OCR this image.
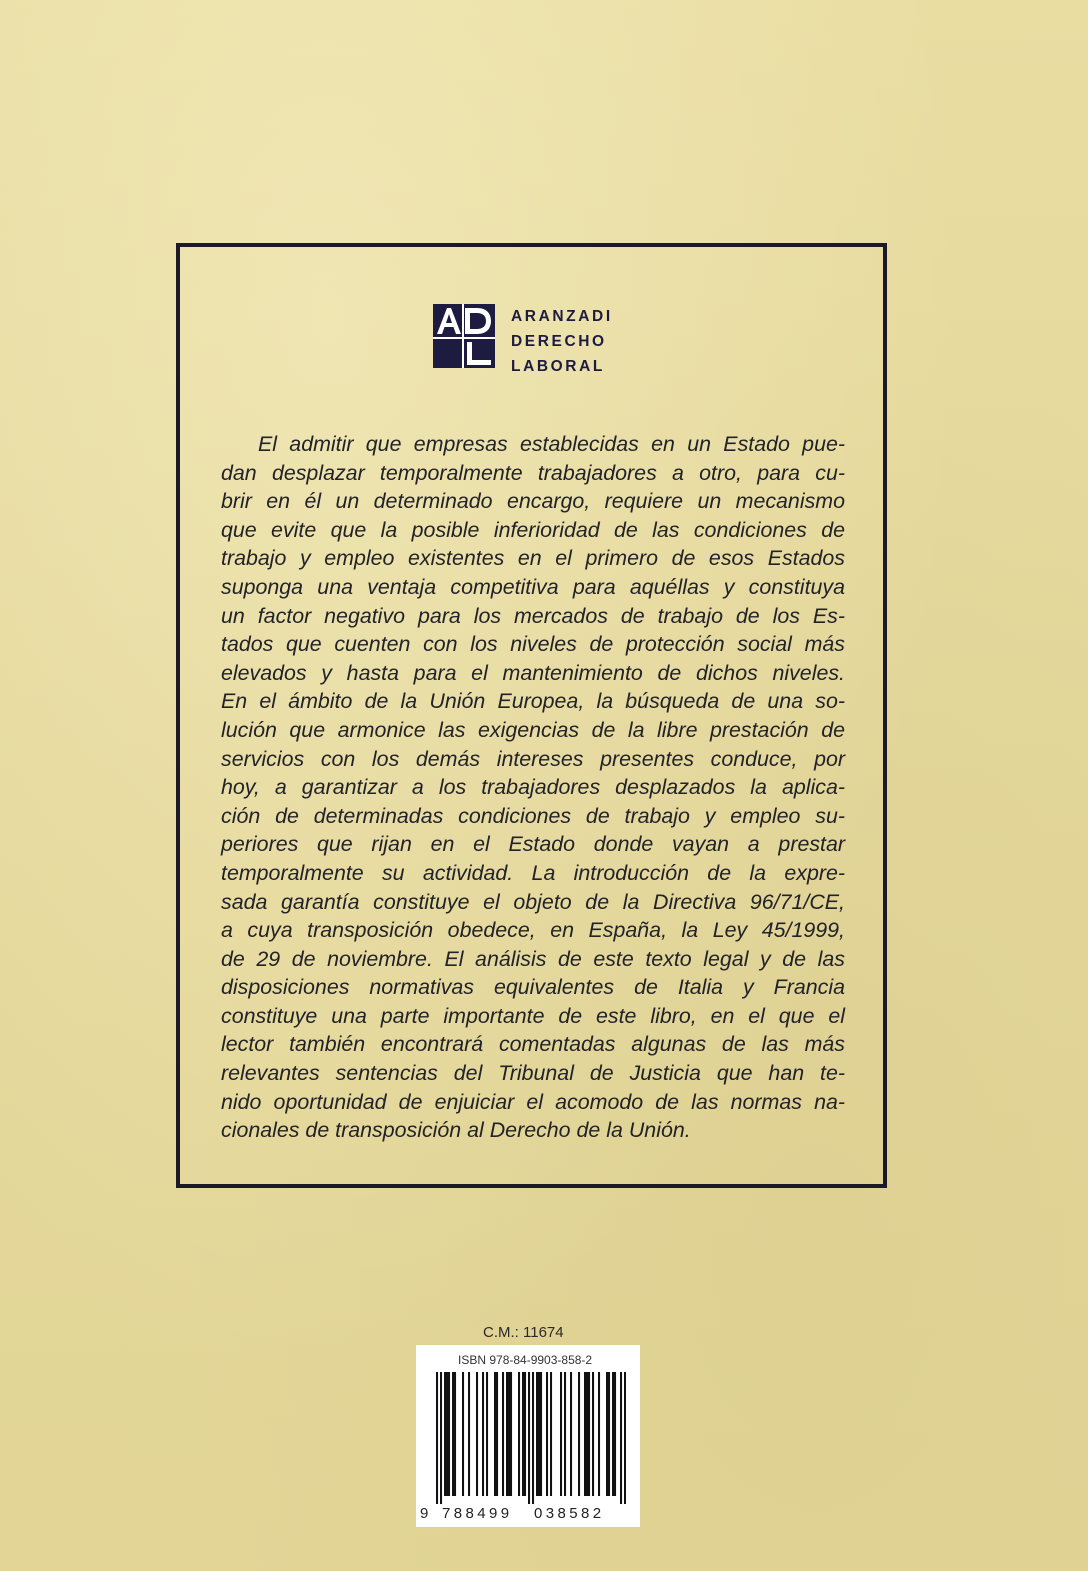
ARANZADI
DERECHO
LABORAL
El admitir que empresas establecidas en un Estado pue-
dan desplazar temporalmente trabajadores a otro, para cu-
brir en él un determinado encargo, requiere un mecanismo
que evite que la posible inferioridad de las condiciones de
trabajo y empleo existentes en el primero de esos Estados
suponga una ventaja competitiva para aquéllas y constituya
un factor negativo para los mercados de trabajo de los Es-
tados que cuenten con los niveles de protección social más
elevados y hasta para el mantenimiento de dichos niveles.
En el ámbito de la Unión Europea, la búsqueda de una so-
lución que armonice las exigencias de la libre prestación de
servicios con los demás intereses presentes conduce, por
hoy, a garantizar a los trabajadores desplazados la aplica-
ción de determinadas condiciones de trabajo y empleo su-
periores que rijan en el Estado donde vayan a prestar
temporalmente su actividad. La introducción de la expre-
sada garantía constituye el objeto de la Directiva 96/71/CE,
a cuya transposición obedece, en España, la Ley 45/1999,
de 29 de noviembre. El análisis de este texto legal y de las
disposiciones normativas equivalentes de Italia y Francia
constituye una parte importante de este libro, en el que el
lector también encontrará comentadas algunas de las más
relevantes sentencias del Tribunal de Justicia que han te-
nido oportunidad de enjuiciar el acomodo de las normas na-
cionales de transposición al Derecho de la Unión.
C.M.: 11674
ISBN 978-84-9903-858-2
9 788499 038582
